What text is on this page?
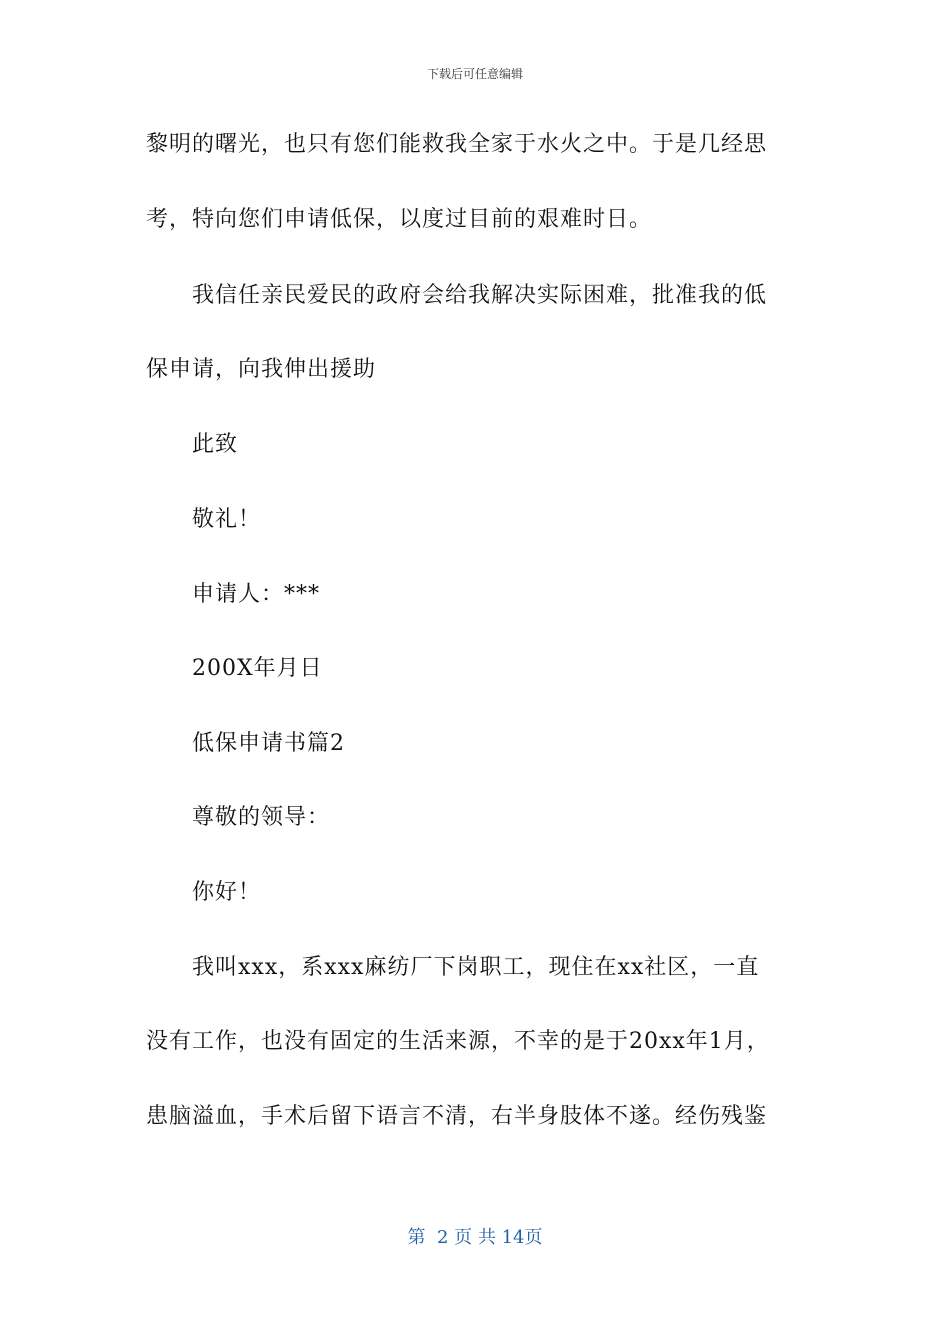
下载后可任意编辑
黎明的曙光，也只有您们能救我全家于水火之中。于是几经思
考，特向您们申请低保，以度过目前的艰难时日。
我信任亲民爱民的政府会给我解决实际困难，批准我的低
保申请，向我伸出援助
此致
敬礼！
申请人：***
200X年月日
低保申请书篇2
尊敬的领导：
你好！
我叫xxx，系xxx麻纺厂下岗职工，现住在xx社区，一直
没有工作，也没有固定的生活来源，不幸的是于20xx年1月，
患脑溢血，手术后留下语言不清，右半身肢体不遂。经伤残鉴
第  2 页 共 14页
